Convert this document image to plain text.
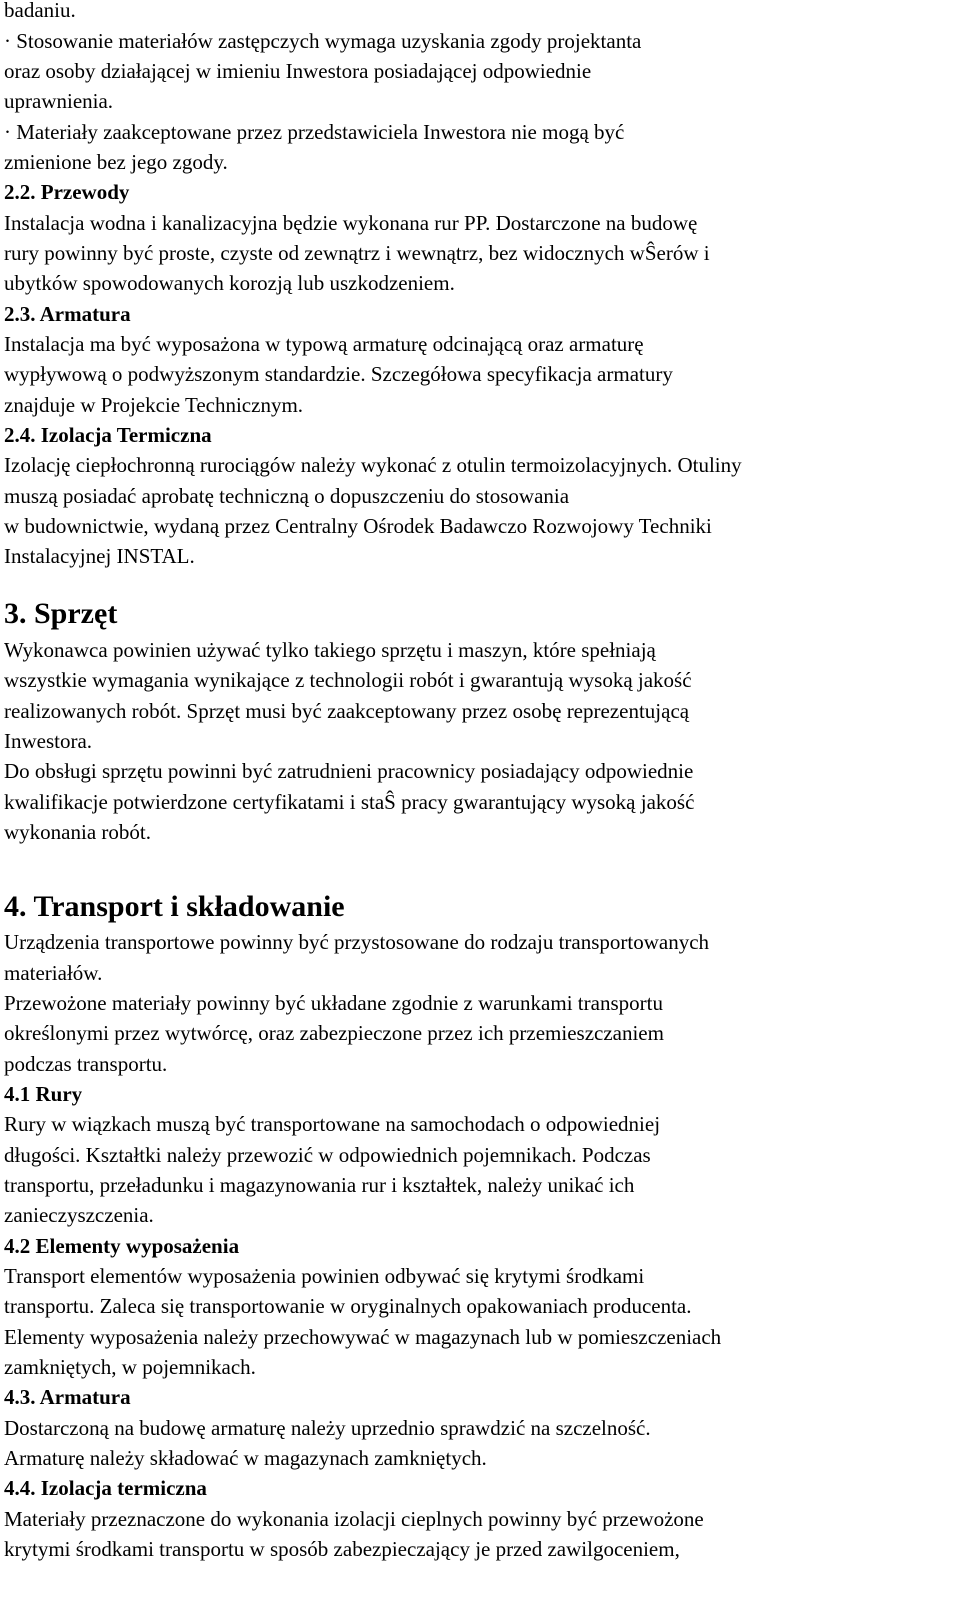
badaniu.
· Stosowanie materiałów zastępczych wymaga uzyskania zgody projektanta
oraz osoby działającej w imieniu Inwestora posiadającej odpowiednie
uprawnienia.
· Materiały zaakceptowane przez przedstawiciela Inwestora nie mogą być
zmienione bez jego zgody.
2.2. Przewody
Instalacja wodna i kanalizacyjna będzie wykonana rur PP. Dostarczone na budowę
rury powinny być proste, czyste od zewnątrz i wewnątrz, bez widocznych wŜerów i
ubytków spowodowanych korozją lub uszkodzeniem.
2.3. Armatura
Instalacja ma być wyposażona w typową armaturę odcinającą oraz armaturę
wypływową o podwyższonym standardzie. Szczegółowa specyfikacja armatury
znajduje w Projekcie Technicznym.
2.4. Izolacja Termiczna
Izolację ciepłochronną rurociągów należy wykonać z otulin termoizolacyjnych. Otuliny
muszą posiadać aprobatę techniczną o dopuszczeniu do stosowania
w budownictwie, wydaną przez Centralny Ośrodek Badawczo Rozwojowy Techniki
Instalacyjnej INSTAL.
3. Sprzęt
Wykonawca powinien używać tylko takiego sprzętu i maszyn, które spełniają
wszystkie wymagania wynikające z technologii robót i gwarantują wysoką jakość
realizowanych robót. Sprzęt musi być zaakceptowany przez osobę reprezentującą
Inwestora.
Do obsługi sprzętu powinni być zatrudnieni pracownicy posiadający odpowiednie
kwalifikacje potwierdzone certyfikatami i staŜ pracy gwarantujący wysoką jakość
wykonania robót.
4. Transport i składowanie
Urządzenia transportowe powinny być przystosowane do rodzaju transportowanych
materiałów.
Przewożone materiały powinny być układane zgodnie z warunkami transportu
określonymi przez wytwórcę, oraz zabezpieczone przez ich przemieszczaniem
podczas transportu.
4.1 Rury
Rury w wiązkach muszą być transportowane na samochodach o odpowiedniej
długości. Kształtki należy przewozić w odpowiednich pojemnikach. Podczas
transportu, przeładunku i magazynowania rur i kształtek, należy unikać ich
zanieczyszczenia.
4.2 Elementy wyposażenia
Transport elementów wyposażenia powinien odbywać się krytymi środkami
transportu. Zaleca się transportowanie w oryginalnych opakowaniach producenta.
Elementy wyposażenia należy przechowywać w magazynach lub w pomieszczeniach
zamkniętych, w pojemnikach.
4.3. Armatura
Dostarczoną na budowę armaturę należy uprzednio sprawdzić na szczelność.
Armaturę należy składować w magazynach zamkniętych.
4.4. Izolacja termiczna
Materiały przeznaczone do wykonania izolacji cieplnych powinny być przewożone
krytymi środkami transportu w sposób zabezpieczający je przed zawilgoceniem,
